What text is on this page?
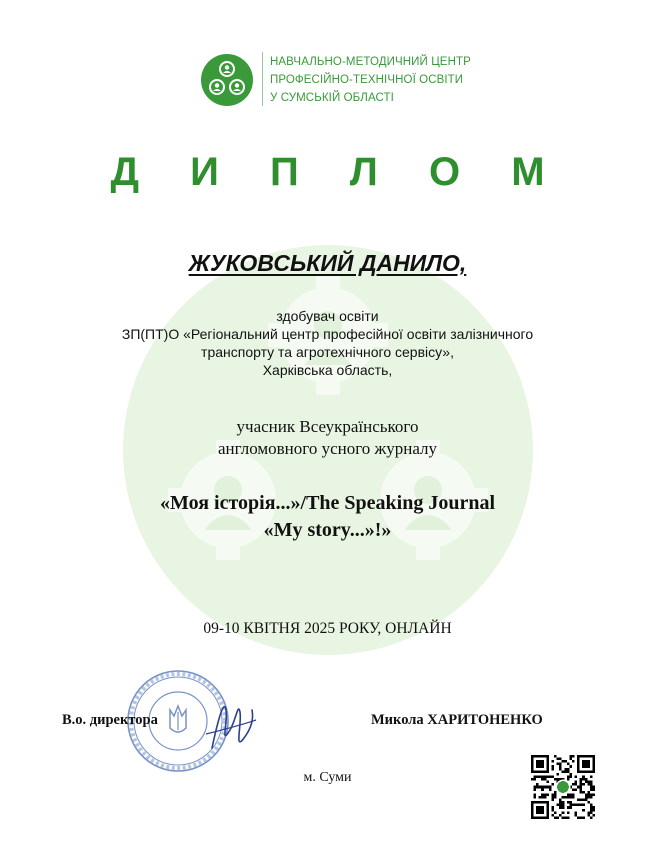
НАВЧАЛЬНО-МЕТОДИЧНИЙ ЦЕНТР
ПРОФЕСІЙНО-ТЕХНІЧНОЇ ОСВІТИ
У СУМСЬКІЙ ОБЛАСТІ
Д И П Л О М
ЖУКОВСЬКИЙ ДАНИЛО,
здобувач освіти
ЗП(ПТ)О «Регіональний центр професійної освіти залізничного
транспорту та агротехнічного сервісу»,
Харківська область,
учасник Всеукраїнського
англомовного усного журналу
«Моя історія...»/The Speaking Journal
«My story...»!»
09-10 КВІТНЯ 2025 РОКУ, ОНЛАЙН
В.о. директора	Микола ХАРИТОНЕНКО
м. Суми
